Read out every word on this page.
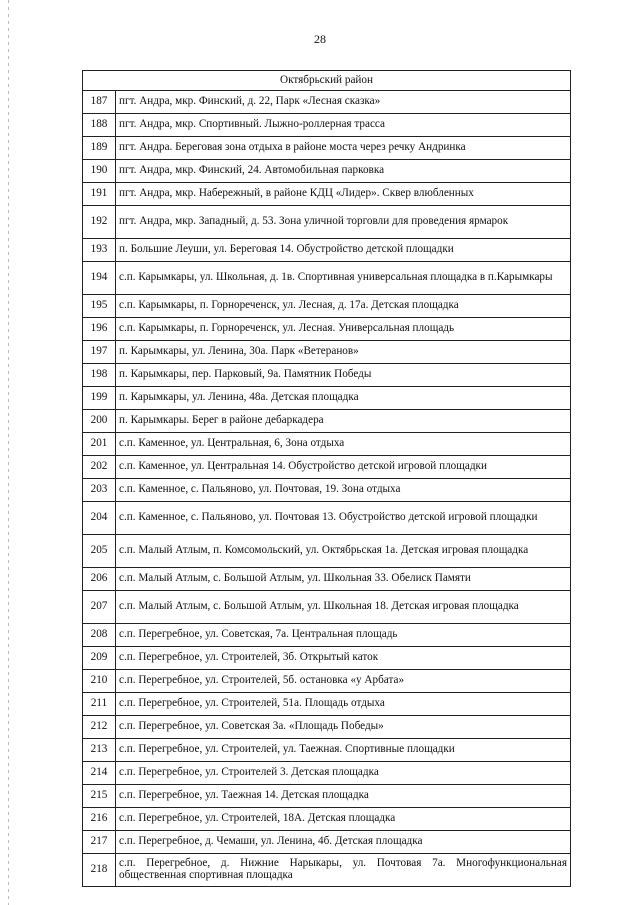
28
Октябрьский район	
187	пгт. Андра, мкр. Финский, д. 22, Парк «Лесная сказка»
188	пгт. Андра, мкр. Спортивный. Лыжно-роллерная трасса
189	пгт. Андра. Береговая зона отдыха в районе моста через речку Андринка
190	пгт. Андра, мкр. Финский, 24. Автомобильная парковка
191	пгт. Андра, мкр. Набережный, в районе КДЦ «Лидер». Сквер влюбленных
192	пгт. Андра, мкр. Западный, д. 53. Зона уличной торговли для проведения ярмарок
193	п. Большие Леуши, ул. Береговая 14. Обустройство детской площадки
194	с.п. Карымкары, ул. Школьная, д. 1в. Спортивная универсальная площадка в п.Карымкары
195	с.п. Карымкары, п. Горнореченск, ул. Лесная, д. 17а. Детская площадка
196	с.п. Карымкары, п. Горнореченск, ул. Лесная. Универсальная площадь
197	п. Карымкары, ул. Ленина, 30а. Парк «Ветеранов»
198	п. Карымкары, пер. Парковый, 9а. Памятник Победы
199	п. Карымкары, ул. Ленина, 48а. Детская площадка
200	п. Карымкары. Берег в районе дебаркадера
201	с.п. Каменное, ул. Центральная, 6, Зона отдыха
202	с.п. Каменное, ул. Центральная 14. Обустройство детской игровой площадки
203	с.п. Каменное, с. Пальяново, ул. Почтовая, 19. Зона отдыха
204	с.п. Каменное, с. Пальяново, ул. Почтовая 13. Обустройство детской игровой площадки
205	с.п. Малый Атлым, п. Комсомольский, ул. Октябрьская 1а. Детская игровая площадка
206	с.п. Малый Атлым, с. Большой Атлым, ул. Школьная 33. Обелиск Памяти
207	с.п. Малый Атлым, с. Большой Атлым, ул. Школьная 18. Детская игровая площадка
208	с.п. Перегребное, ул. Советская, 7а. Центральная площадь
209	с.п. Перегребное, ул. Строителей, 3б. Открытый каток
210	с.п. Перегребное, ул. Строителей, 5б. остановка «у Арбата»
211	с.п. Перегребное, ул. Строителей, 51а. Площадь отдыха
212	с.п. Перегребное, ул. Советская 3а. «Площадь Победы»
213	с.п. Перегребное, ул. Строителей, ул. Таежная. Спортивные площадки
214	с.п. Перегребное, ул. Строителей 3. Детская площадка
215	с.п. Перегребное, ул. Таежная 14. Детская площадка
216	с.п. Перегребное, ул. Строителей, 18А. Детская площадка
217	с.п. Перегребное, д. Чемаши, ул. Ленина, 4б. Детская площадка
218	с.п. Перегребное, д. Нижние Нарыкары, ул. Почтовая 7а. Многофункциональная общественная спортивная площадка
